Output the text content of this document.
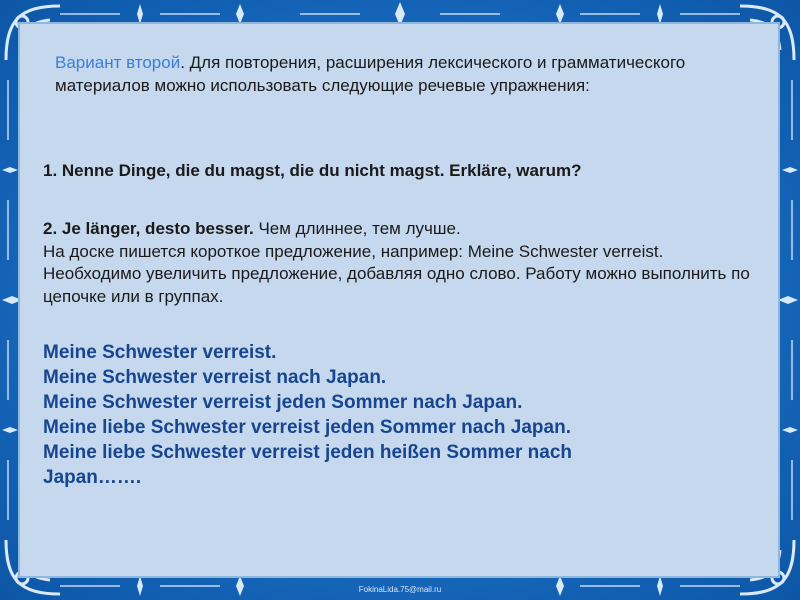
Вариант второй. Для повторения, расширения лексического и грамматического материалов можно использовать следующие речевые упражнения:
1. Nenne Dinge, die du magst, die du nicht magst. Erkläre, warum?
2. Je länger, desto besser. Чем длиннее, тем лучше.
На доске пишется короткое предложение, например: Meine Schwester verreist. Необходимо увеличить предложение, добавляя одно слово. Работу можно выполнить по цепочке или в группах.
Meine Schwester verreist.
Meine Schwester verreist nach Japan.
Meine Schwester verreist jeden Sommer nach Japan.
Meine liebe Schwester verreist jeden Sommer nach Japan.
Meine liebe Schwester verreist jeden heißen Sommer nach
Japan…….
FokinaLida.75@mail.ru
